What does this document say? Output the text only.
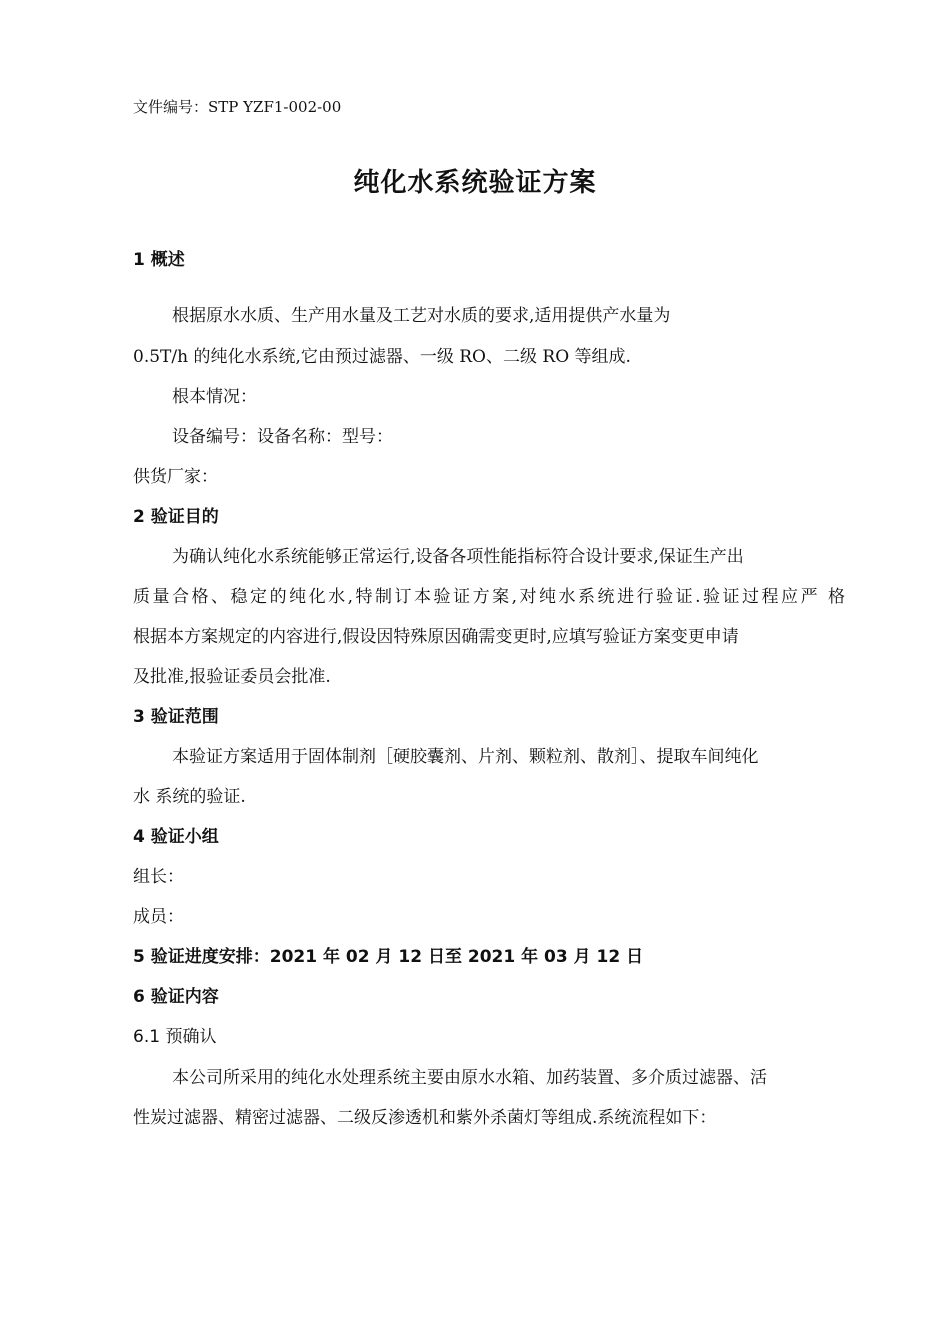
文件编号：STP YZF1-002-00
纯化水系统验证方案
1 概述
根据原水水质、生产用水量及工艺对水质的要求,适用提供产水量为
0.5T/h 的纯化水系统,它由预过滤器、一级 RO、二级 RO 等组成.
根本情况：
设备编号：设备名称：型号：
供货厂家：
2 验证目的
为确认纯化水系统能够正常运行,设备各项性能指标符合设计要求,保证生产出
质量合格、稳定的纯化水,特制订本验证方案,对纯水系统进行验证.验证过程应严 格
根据本方案规定的内容进行,假设因特殊原因确需变更时,应填写验证方案变更申请
及批准,报验证委员会批准.
3 验证范围
本验证方案适用于固体制剂［硬胶囊剂、片剂、颗粒剂、散剂］、提取车间纯化
水 系统的验证.
4 验证小组
组长：
成员：
5 验证进度安排：2021 年 02 月 12 日至 2021 年 03 月 12 日
6 验证内容
6.1 预确认
本公司所采用的纯化水处理系统主要由原水水箱、加药装置、多介质过滤器、活
性炭过滤器、精密过滤器、二级反渗透机和紫外杀菌灯等组成.系统流程如下：
